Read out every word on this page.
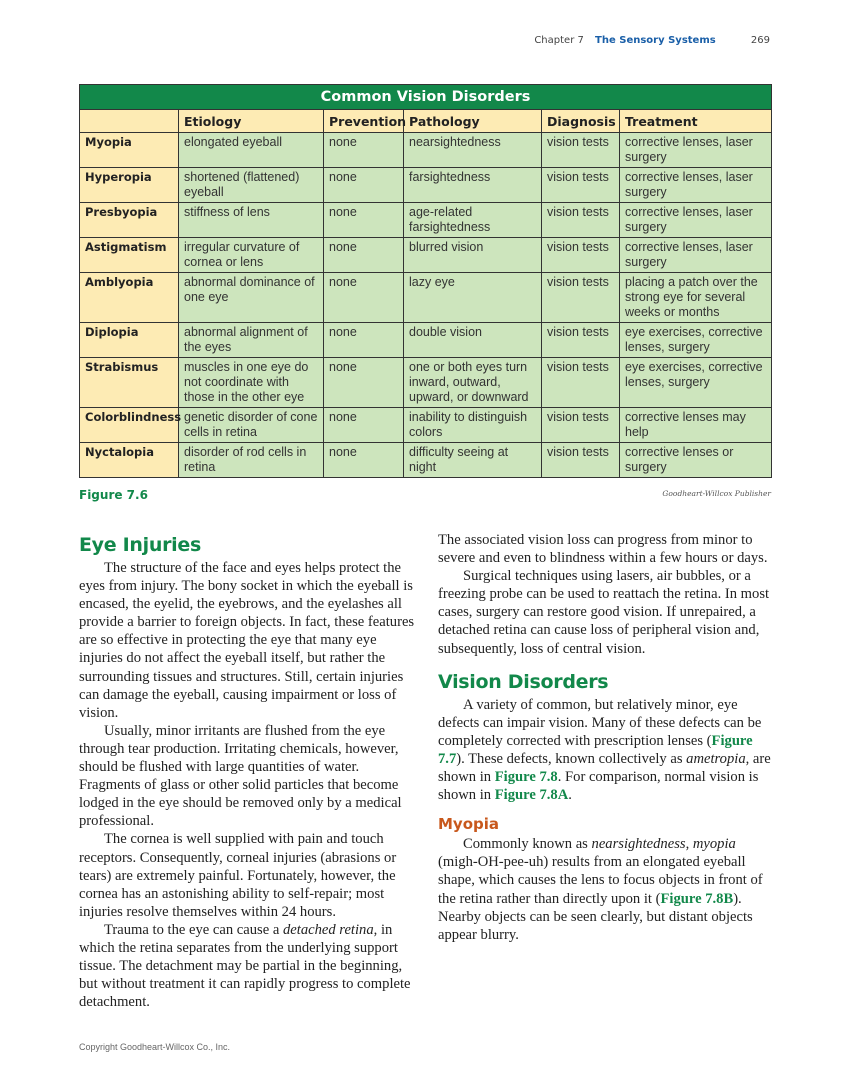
Chapter 7 The Sensory Systems	269
Common Vision Disorders					
	Etiology	Prevention	Pathology	Diagnosis	Treatment
Myopia	elongated eyeball	none	nearsightedness	vision tests	corrective lenses, laser surgery
Hyperopia	shortened (flattened) eyeball	none	farsightedness	vision tests	corrective lenses, laser surgery
Presbyopia	stiffness of lens	none	age-related farsightedness	vision tests	corrective lenses, laser surgery
Astigmatism	irregular curvature of cornea or lens	none	blurred vision	vision tests	corrective lenses, laser surgery
Amblyopia	abnormal dominance of one eye	none	lazy eye	vision tests	placing a patch over the strong eye for several weeks or months
Diplopia	abnormal alignment of the eyes	none	double vision	vision tests	eye exercises, corrective lenses, surgery
Strabismus	muscles in one eye do not coordinate with those in the other eye	none	one or both eyes turn inward, outward, upward, or downward	vision tests	eye exercises, corrective lenses, surgery
Colorblindness	genetic disorder of cone cells in retina	none	inability to distinguish colors	vision tests	corrective lenses may help
Nyctalopia	disorder of rod cells in retina	none	difficulty seeing at night	vision tests	corrective lenses or surgery
Figure 7.6	Goodheart-Willcox Publisher
Eye Injuries

The structure of the face and eyes helps protect the eyes from injury. The bony socket in which the eyeball is encased, the eyelid, the eyebrows, and the eyelashes all provide a barrier to foreign objects. In fact, these features are so effective in protecting the eye that many eye injuries do not affect the eyeball itself, but rather the surrounding tissues and structures. Still, certain injuries can damage the eyeball, causing impairment or loss of vision.

Usually, minor irritants are flushed from the eye through tear production. Irritating chemicals, however, should be flushed with large quantities of water. Fragments of glass or other solid particles that become lodged in the eye should be removed only by a medical professional.

The cornea is well supplied with pain and touch receptors. Consequently, corneal injuries (abrasions or tears) are extremely painful. Fortunately, however, the cornea has an astonishing ability to self-repair; most injuries resolve themselves within 24 hours.

Trauma to the eye can cause a detached retina, in which the retina separates from the underlying support tissue. The detachment may be partial in the beginning, but without treatment it can rapidly progress to complete detachment.

The associated vision loss can progress from minor to severe and even to blindness within a few hours or days.

Surgical techniques using lasers, air bubbles, or a freezing probe can be used to reattach the retina. In most cases, surgery can restore good vision. If unrepaired, a detached retina can cause loss of peripheral vision and, subsequently, loss of central vision.

Vision Disorders

A variety of common, but relatively minor, eye defects can impair vision. Many of these defects can be completely corrected with prescription lenses (Figure 7.7). These defects, known collectively as ametropia, are shown in Figure 7.8. For comparison, normal vision is shown in Figure 7.8A.

Myopia

Commonly known as nearsightedness, myopia (migh-OH-pee-uh) results from an elongated eyeball shape, which causes the lens to focus objects in front of the retina rather than directly upon it (Figure 7.8B). Nearby objects can be seen clearly, but distant objects appear blurry.

Copyright Goodheart-Willcox Co., Inc.
